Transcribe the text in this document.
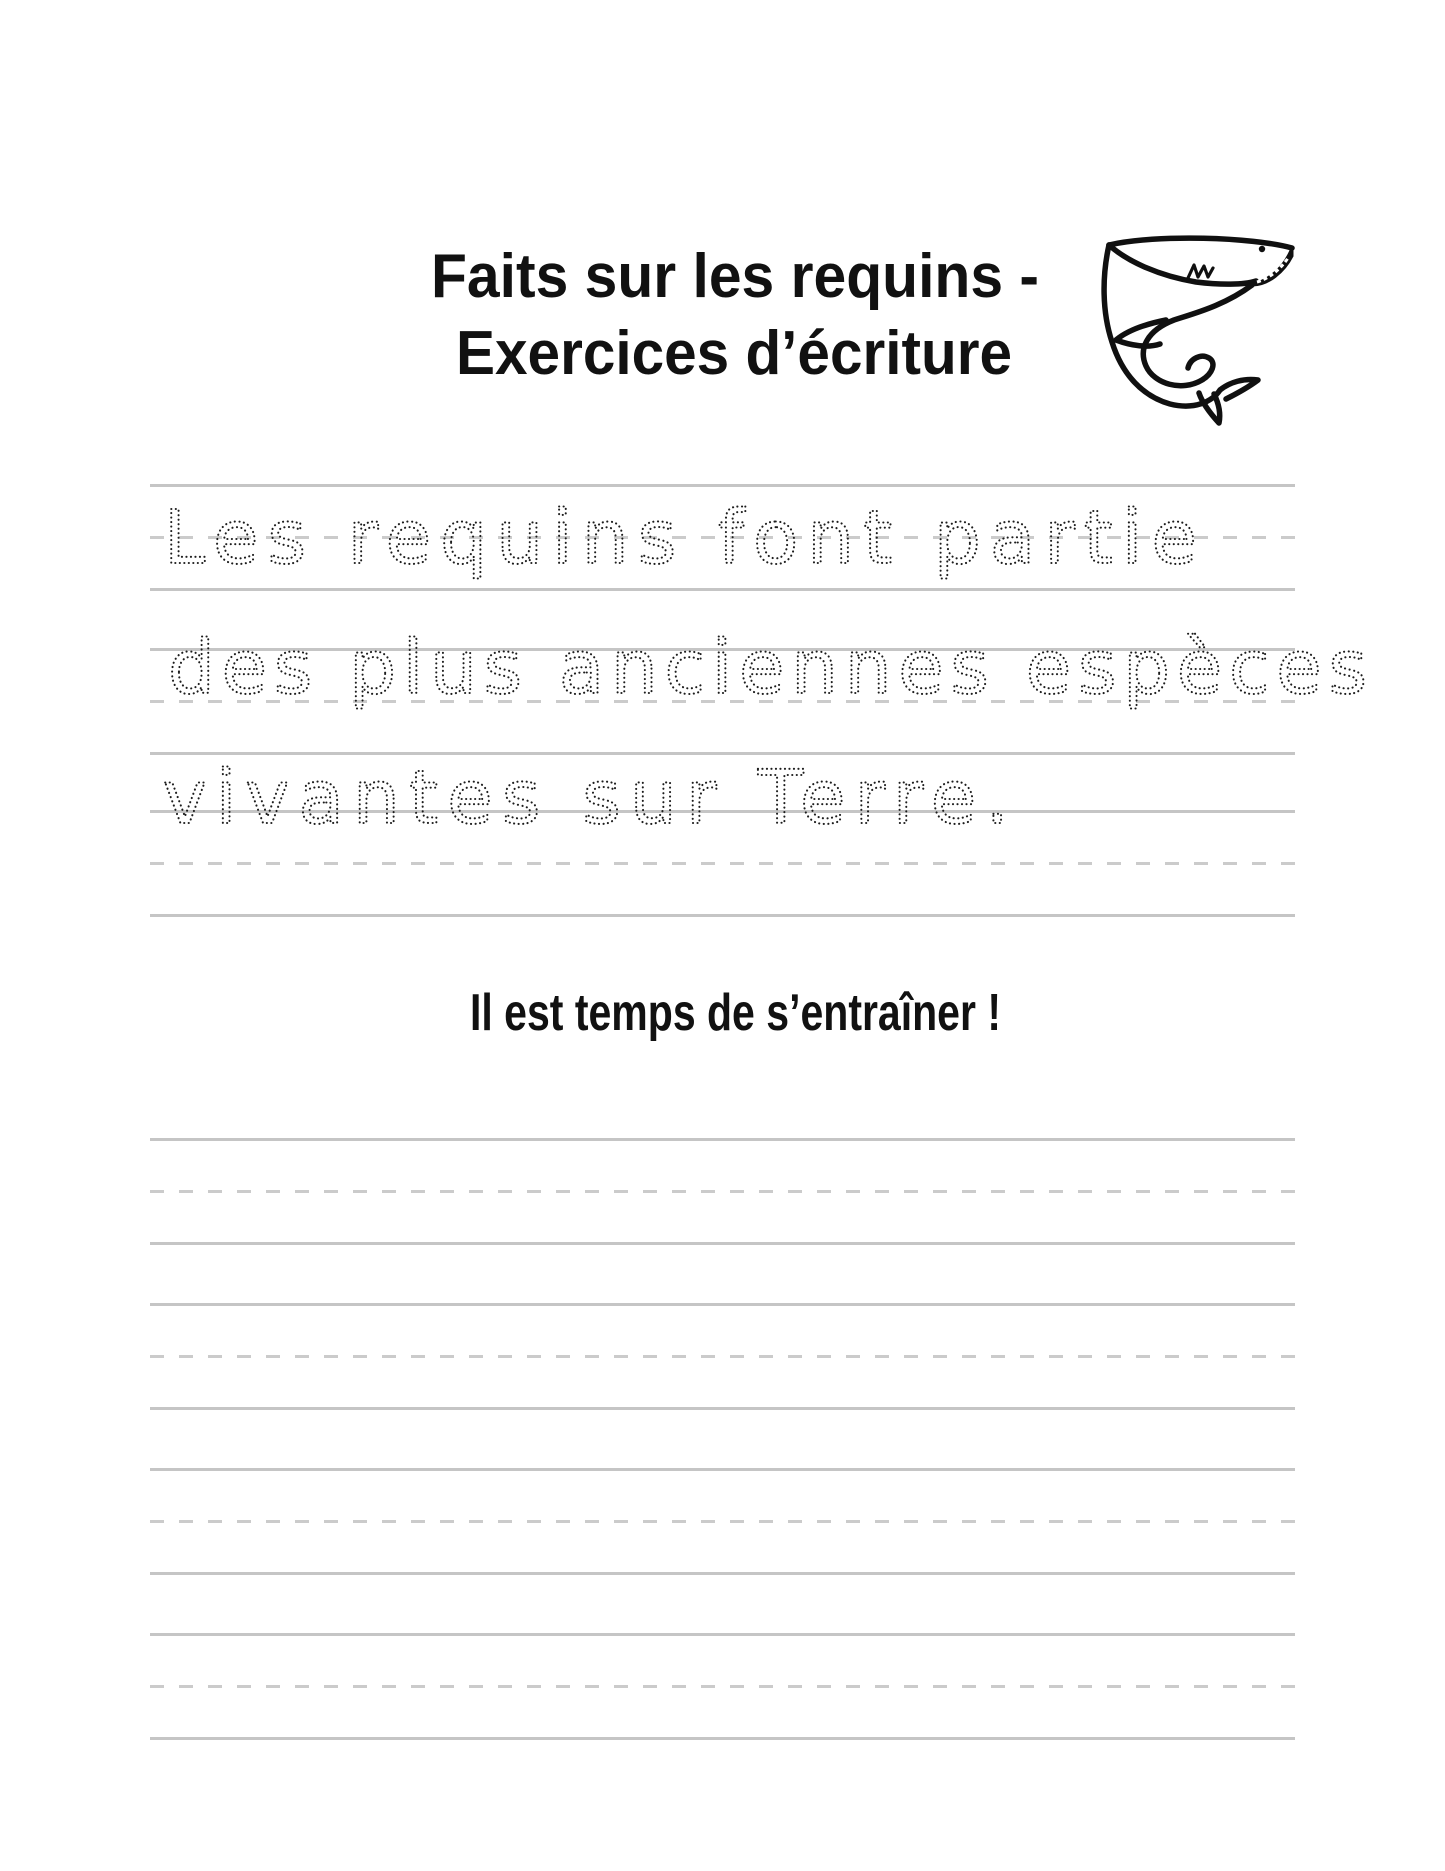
Faits sur les requins -
Exercices d’écriture
Les requins font partie
des plus anciennes espèces
vivantes sur Terre.
Il est temps de s’entraîner !
